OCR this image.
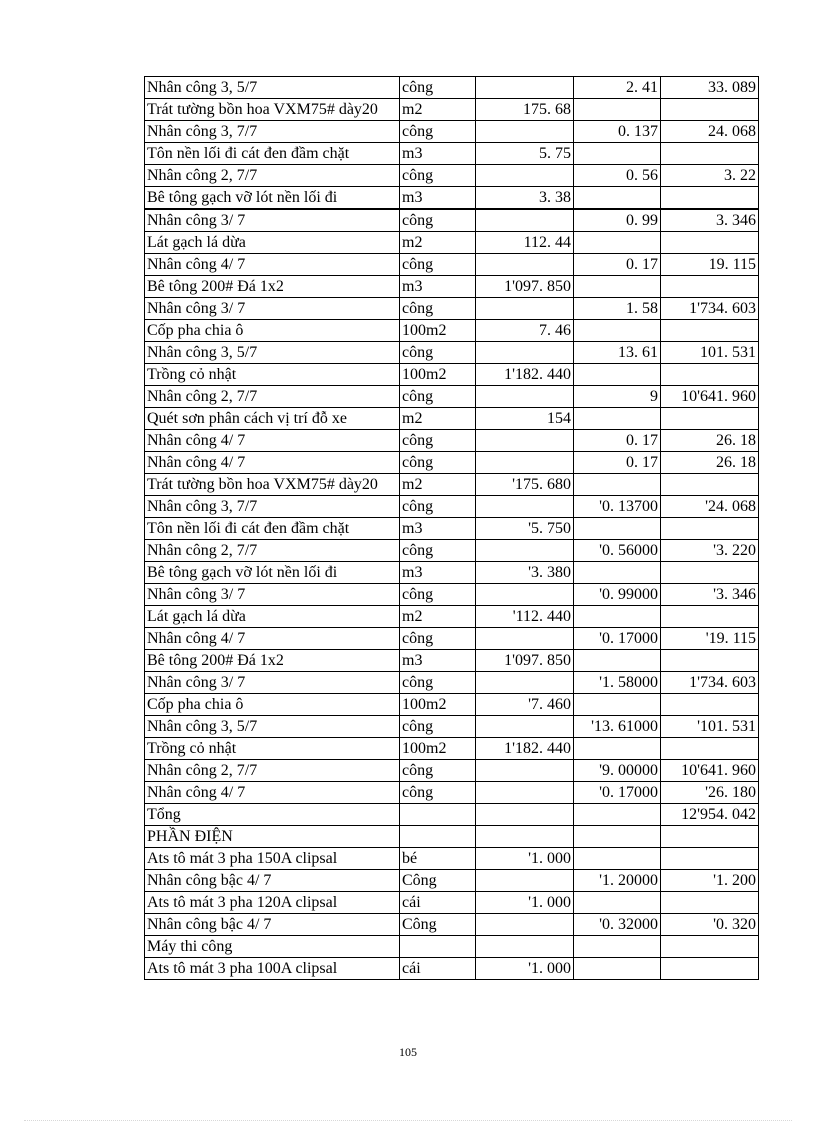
Nhân công 3, 5/7	công		2. 41	33. 089
Trát tường bồn hoa VXM75# dày20	m2	175. 68		
Nhân công 3, 7/7	công		0. 137	24. 068
Tôn nền lối đi cát đen đầm chặt	m3	5. 75		
Nhân công 2, 7/7	công		0. 56	3. 22
Bê tông gạch vỡ lót nền lối đi	m3	3. 38		
Nhân công 3/ 7	công		0. 99	3. 346
Lát gạch lá dừa	m2	112. 44		
Nhân công 4/ 7	công		0. 17	19. 115
Bê tông 200# Đá 1x2	m3	1'097. 850		
Nhân công 3/ 7	công		1. 58	1'734. 603
Cốp pha chia ô	100m2	7. 46		
Nhân công 3, 5/7	công		13. 61	101. 531
Trồng cỏ nhật	100m2	1'182. 440		
Nhân công 2, 7/7	công		9	10'641. 960
Quét sơn phân cách vị trí đỗ xe	m2	154		
Nhân công 4/ 7	công		0. 17	26. 18
Nhân công 4/ 7	công		0. 17	26. 18
Trát tường bồn hoa VXM75# dày20	m2	'175. 680		
Nhân công 3, 7/7	công		'0. 13700	'24. 068
Tôn nền lối đi cát đen đầm chặt	m3	'5. 750		
Nhân công 2, 7/7	công		'0. 56000	'3. 220
Bê tông gạch vỡ lót nền lối đi	m3	'3. 380		
Nhân công 3/ 7	công		'0. 99000	'3. 346
Lát gạch lá dừa	m2	'112. 440		
Nhân công 4/ 7	công		'0. 17000	'19. 115
Bê tông 200# Đá 1x2	m3	1'097. 850		
Nhân công 3/ 7	công		'1. 58000	1'734. 603
Cốp pha chia ô	100m2	'7. 460		
Nhân công 3, 5/7	công		'13. 61000	'101. 531
Trồng cỏ nhật	100m2	1'182. 440		
Nhân công 2, 7/7	công		'9. 00000	10'641. 960
Nhân công 4/ 7	công		'0. 17000	'26. 180
Tổng				12'954. 042
PHẦN ĐIỆN				
Ats tô mát 3 pha 150A clipsal	bé	'1. 000		
Nhân công bậc 4/ 7	Công		'1. 20000	'1. 200
Ats tô mát 3 pha 120A clipsal	cái	'1. 000		
Nhân công bậc 4/ 7	Công		'0. 32000	'0. 320
Máy thi công				
Ats tô mát 3 pha 100A clipsal	cái	'1. 000		
105
